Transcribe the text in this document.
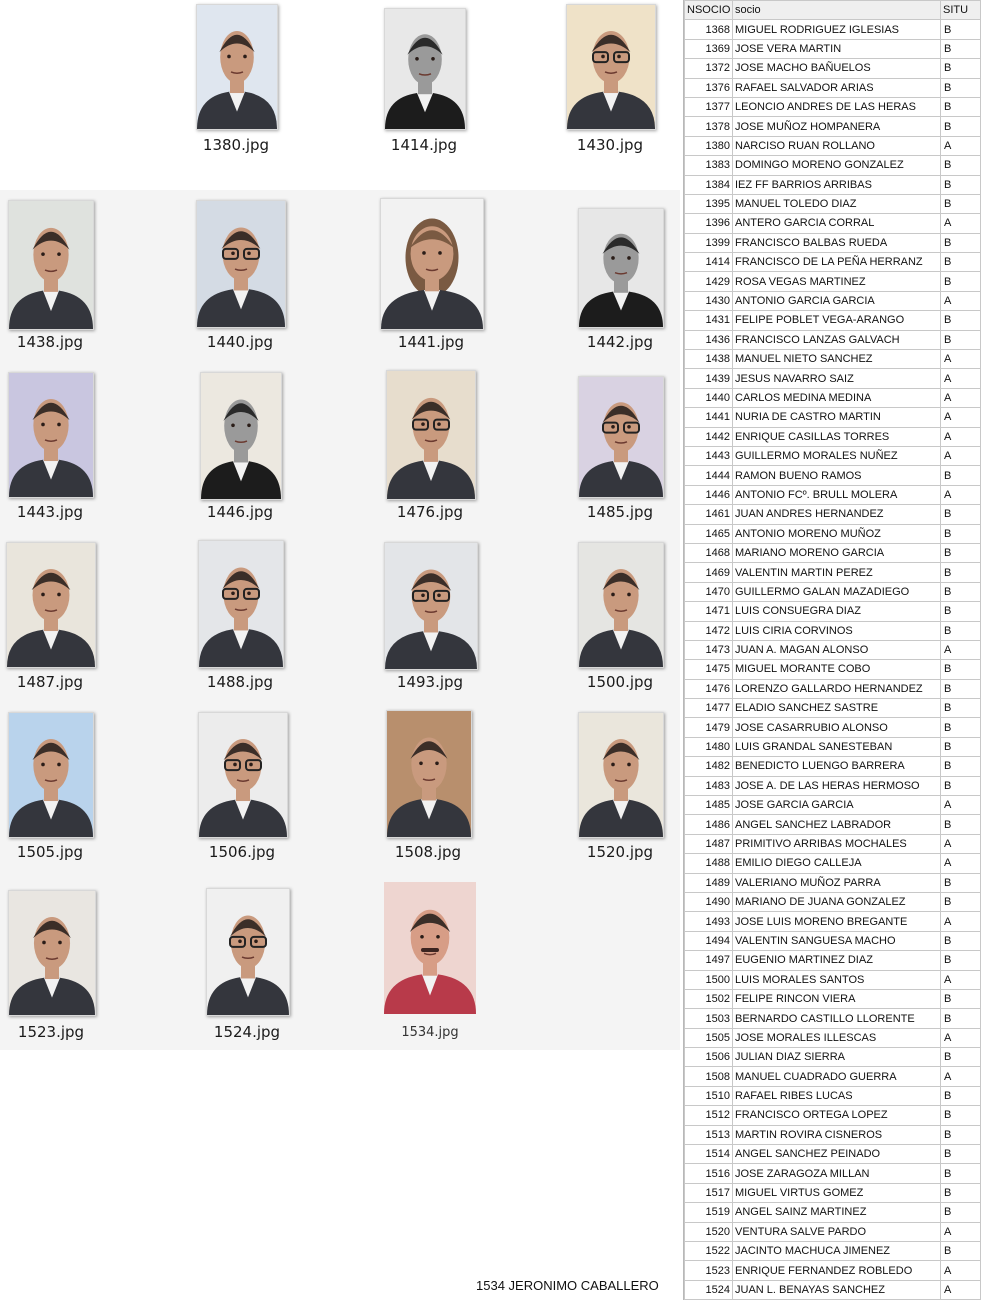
1380.jpg	1414.jpg	1430.jpg
1438.jpg	1440.jpg	1441.jpg	1442.jpg
1443.jpg	1446.jpg	1476.jpg	1485.jpg
1487.jpg	1488.jpg	1493.jpg	1500.jpg
1505.jpg	1506.jpg	1508.jpg	1520.jpg
1523.jpg	1524.jpg	1534.jpg
NSOCIO	socio	SITU
1368	MIGUEL RODRIGUEZ IGLESIAS	B
1369	JOSE VERA MARTIN	B
1372	JOSE MACHO BAÑUELOS	B
1376	RAFAEL SALVADOR ARIAS	B
1377	LEONCIO ANDRES DE LAS HERAS	B
1378	JOSE MUÑOZ HOMPANERA	B
1380	NARCISO RUAN ROLLANO	A
1383	DOMINGO MORENO GONZALEZ	B
1384	IEZ FF BARRIOS ARRIBAS	B
1395	MANUEL TOLEDO DIAZ	B
1396	ANTERO GARCIA CORRAL	A
1399	FRANCISCO BALBAS RUEDA	B
1414	FRANCISCO DE LA PEÑA HERRANZ	B
1429	ROSA VEGAS MARTINEZ	B
1430	ANTONIO GARCIA GARCIA	A
1431	FELIPE POBLET VEGA-ARANGO	B
1436	FRANCISCO LANZAS GALVACH	B
1438	MANUEL NIETO SANCHEZ	A
1439	JESUS NAVARRO SAIZ	A
1440	CARLOS MEDINA MEDINA	A
1441	NURIA DE CASTRO MARTIN	A
1442	ENRIQUE CASILLAS TORRES	A
1443	GUILLERMO MORALES NUÑEZ	A
1444	RAMON BUENO RAMOS	B
1446	ANTONIO FCº. BRULL MOLERA	A
1461	JUAN ANDRES HERNANDEZ	B
1465	ANTONIO MORENO MUÑOZ	B
1468	MARIANO MORENO GARCIA	B
1469	VALENTIN MARTIN PEREZ	B
1470	GUILLERMO GALAN MAZADIEGO	B
1471	LUIS CONSUEGRA DIAZ	B
1472	LUIS CIRIA CORVINOS	B
1473	JUAN A. MAGAN ALONSO	A
1475	MIGUEL MORANTE COBO	B
1476	LORENZO GALLARDO HERNANDEZ	B
1477	ELADIO SANCHEZ SASTRE	B
1479	JOSE CASARRUBIO ALONSO	B
1480	LUIS GRANDAL SANESTEBAN	B
1482	BENEDICTO LUENGO BARRERA	B
1483	JOSE A. DE LAS HERAS HERMOSO	B
1485	JOSE GARCIA GARCIA	A
1486	ANGEL SANCHEZ LABRADOR	B
1487	PRIMITIVO ARRIBAS MOCHALES	A
1488	EMILIO DIEGO CALLEJA	A
1489	VALERIANO MUÑOZ PARRA	B
1490	MARIANO DE JUANA GONZALEZ	B
1493	JOSE LUIS MORENO BREGANTE	A
1494	VALENTIN SANGUESA MACHO	B
1497	EUGENIO MARTINEZ DIAZ	B
1500	LUIS MORALES SANTOS	A
1502	FELIPE RINCON VIERA	B
1503	BERNARDO CASTILLO LLORENTE	B
1505	JOSE MORALES ILLESCAS	A
1506	JULIAN DIAZ SIERRA	B
1508	MANUEL CUADRADO GUERRA	A
1510	RAFAEL RIBES LUCAS	B
1512	FRANCISCO ORTEGA LOPEZ	B
1513	MARTIN ROVIRA CISNEROS	B
1514	ANGEL SANCHEZ PEINADO	B
1516	JOSE ZARAGOZA MILLAN	B
1517	MIGUEL VIRTUS GOMEZ	B
1519	ANGEL SAINZ MARTINEZ	B
1520	VENTURA SALVE PARDO	A
1522	JACINTO MACHUCA JIMENEZ	B
1523	ENRIQUE FERNANDEZ ROBLEDO	A
1524	JUAN L. BENAYAS SANCHEZ	A
1534 JERONIMO CABALLERO
